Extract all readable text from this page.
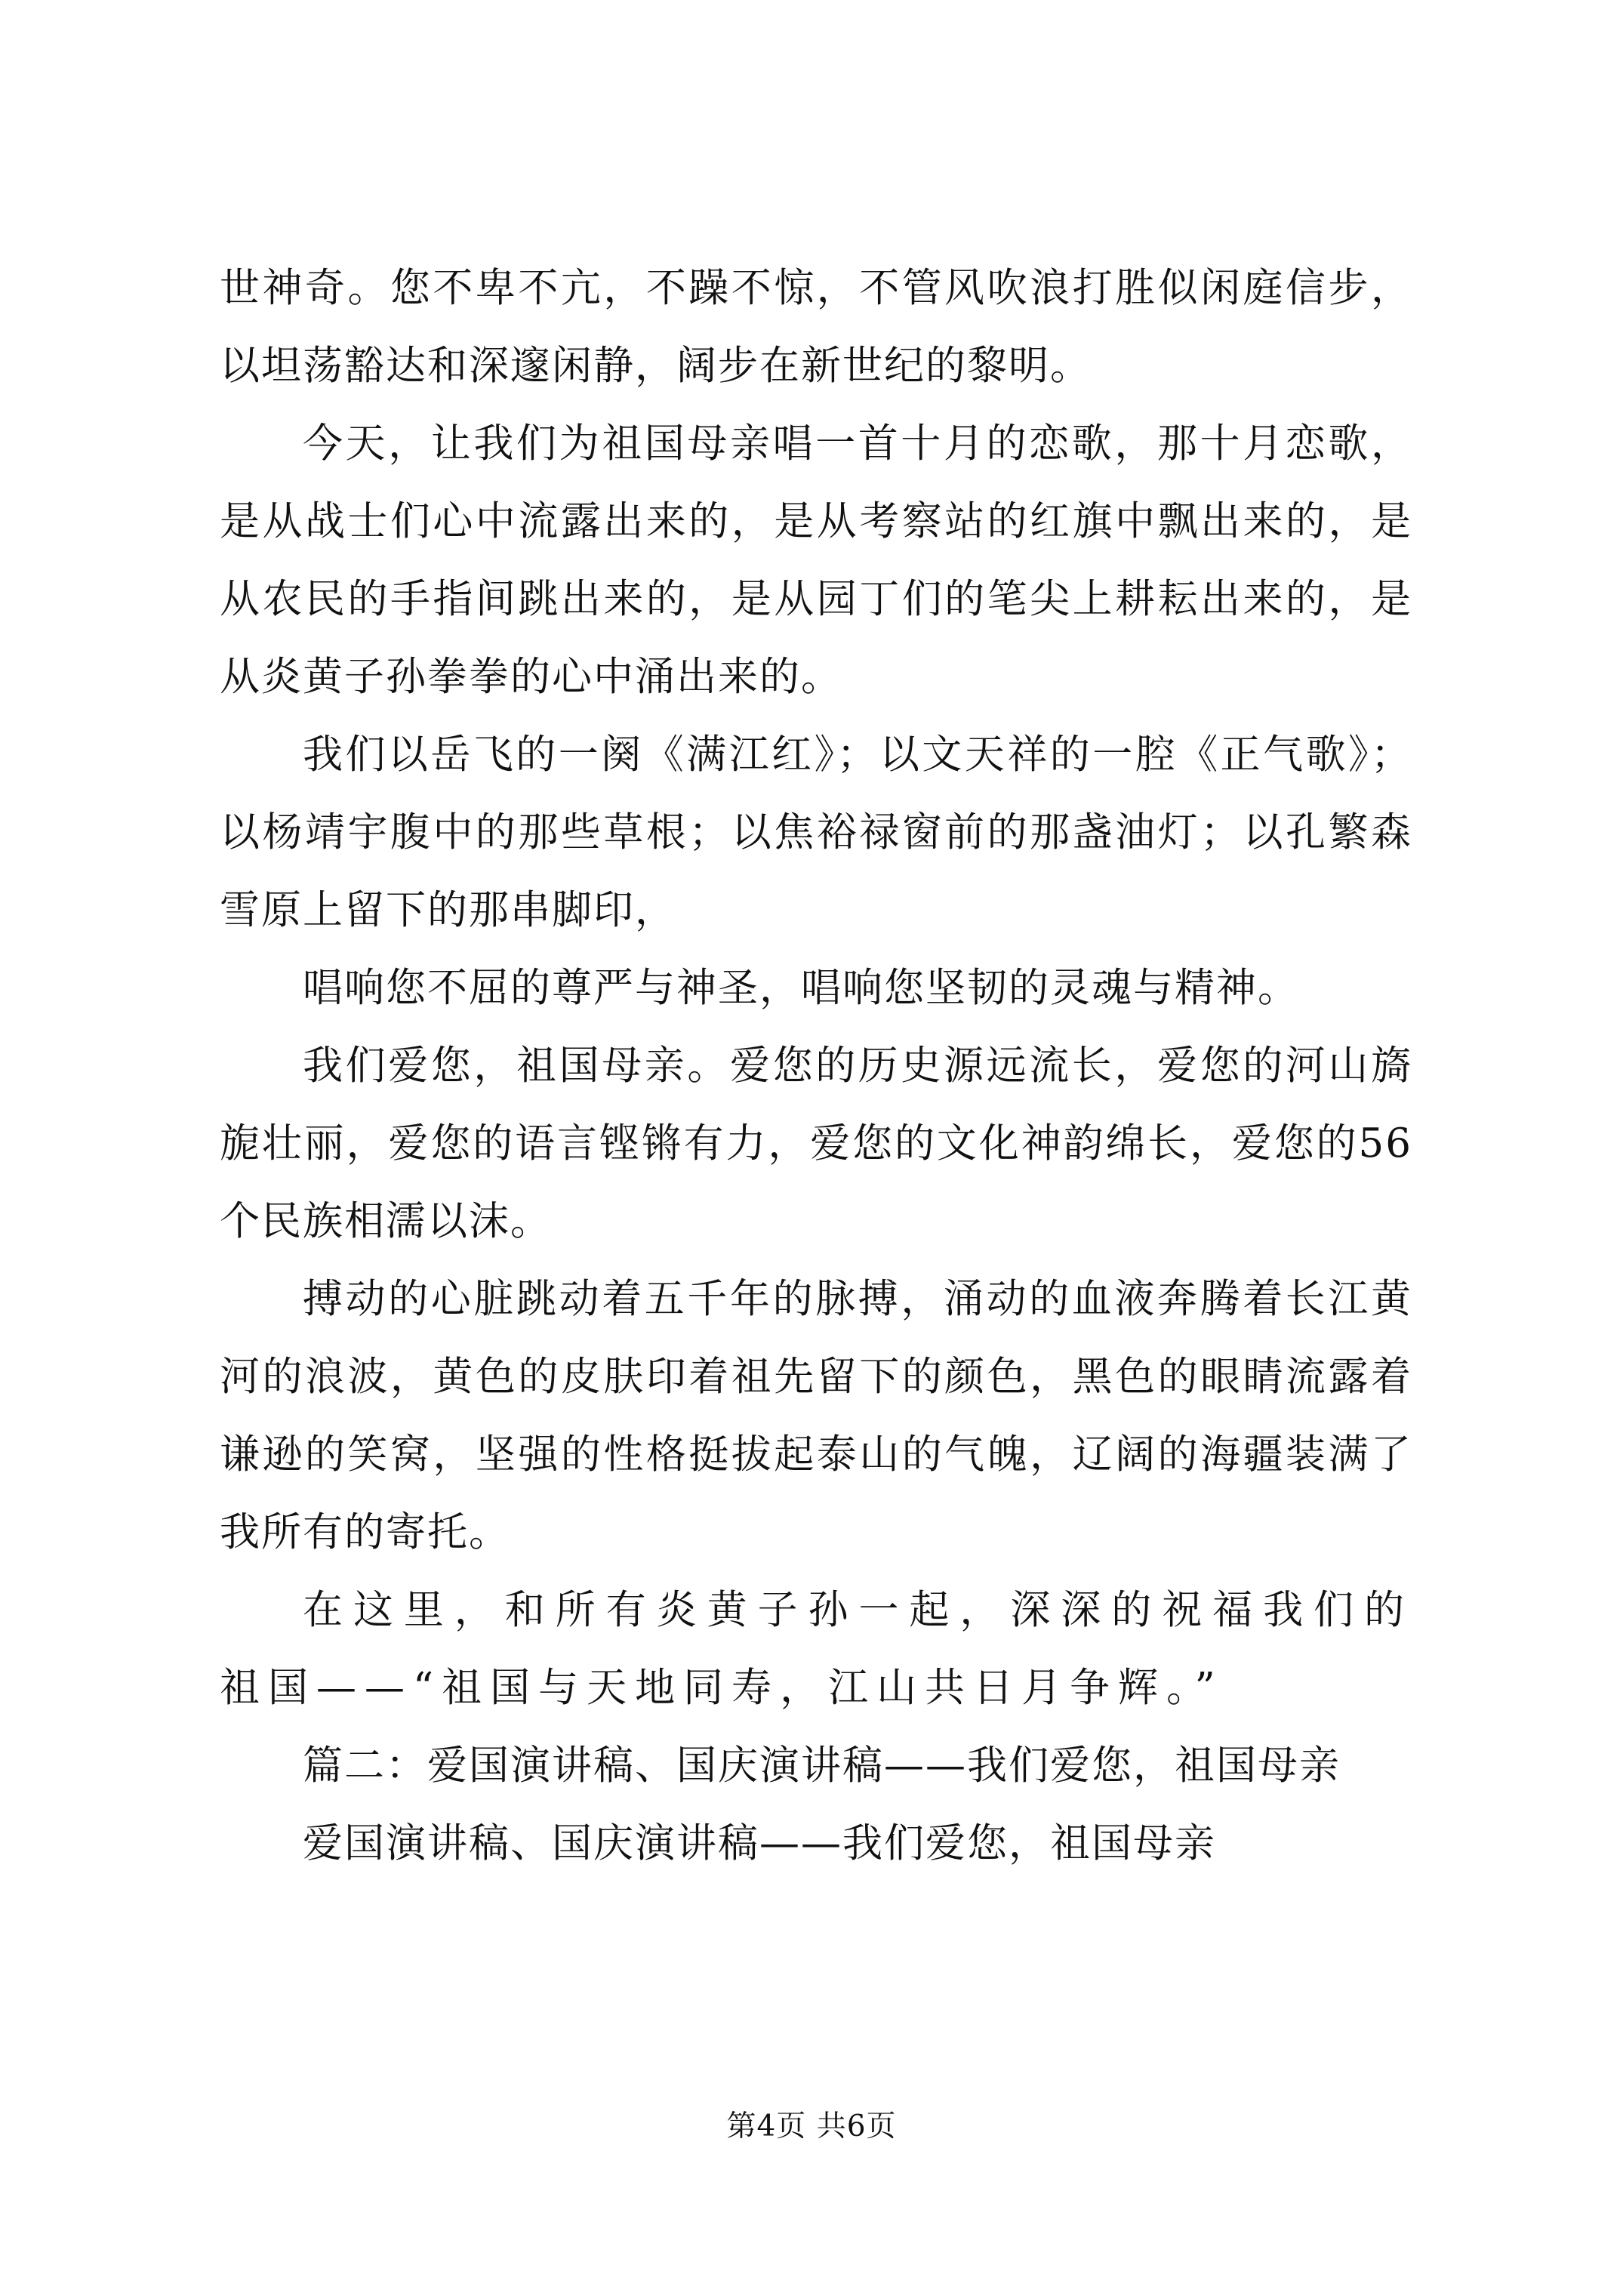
世神奇。您不卑不亢，不躁不惊，不管风吹浪打胜似闲庭信步，以坦荡豁达和深邃闲静，阔步在新世纪的黎明。

今天，让我们为祖国母亲唱一首十月的恋歌，那十月恋歌，是从战士们心中流露出来的，是从考察站的红旗中飘出来的，是从农民的手指间跳出来的，是从园丁们的笔尖上耕耘出来的，是从炎黄子孙拳拳的心中涌出来的。

我们以岳飞的一阕《满江红》；以文天祥的一腔《正气歌》；以杨靖宇腹中的那些草根；以焦裕禄窗前的那盏油灯；以孔繁森雪原上留下的那串脚印，

唱响您不屈的尊严与神圣，唱响您坚韧的灵魂与精神。

我们爱您，祖国母亲。爱您的历史源远流长，爱您的河山旖旎壮丽，爱您的语言铿锵有力，爱您的文化神韵绵长，爱您的56个民族相濡以沫。

搏动的心脏跳动着五千年的脉搏，涌动的血液奔腾着长江黄河的浪波，黄色的皮肤印着祖先留下的颜色，黑色的眼睛流露着谦逊的笑窝，坚强的性格挺拔起泰山的气魄，辽阔的海疆装满了我所有的寄托。

在这里，和所有炎黄子孙一起，深深的祝福我们的祖国——“祖国与天地同寿，江山共日月争辉。”

篇二：爱国演讲稿、国庆演讲稿——我们爱您，祖国母亲

爱国演讲稿、国庆演讲稿——我们爱您，祖国母亲

第4页 共6页
